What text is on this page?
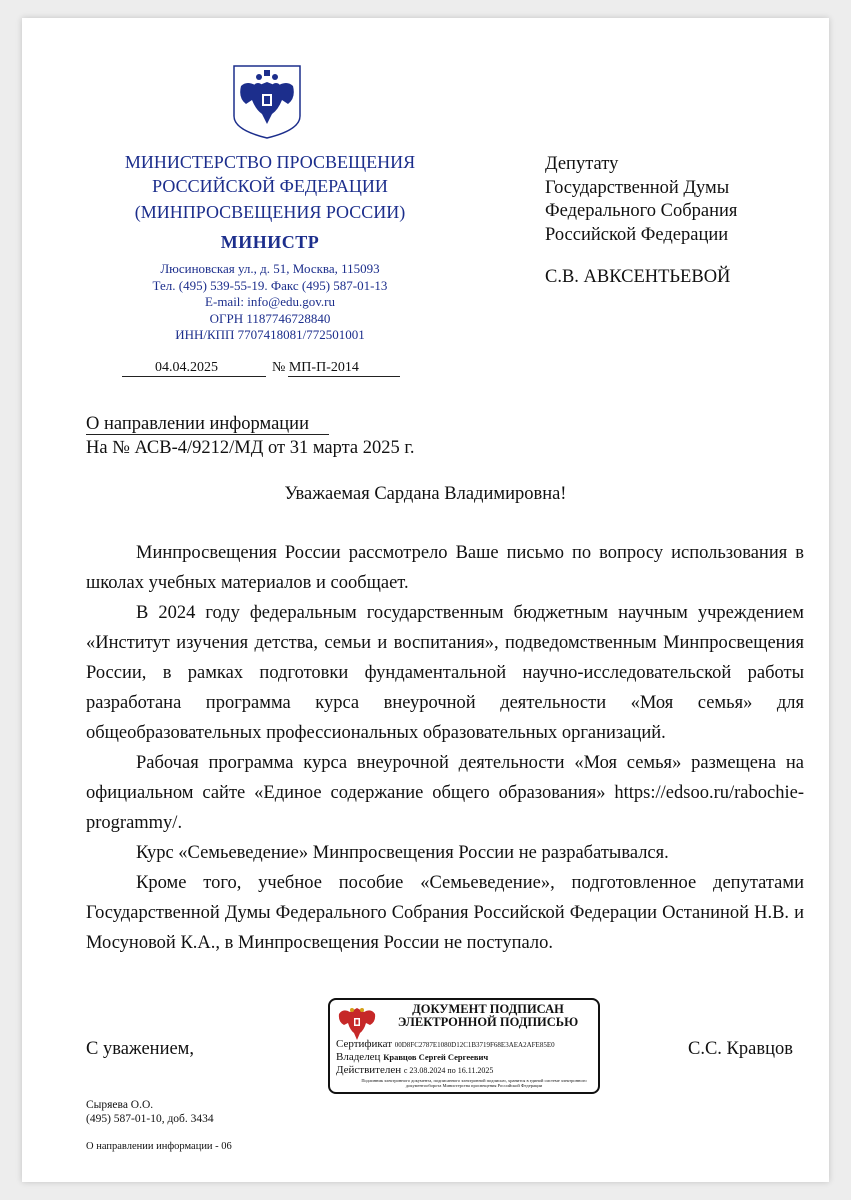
МИНИСТЕРСТВО ПРОСВЕЩЕНИЯ
РОССИЙСКОЙ ФЕДЕРАЦИИ
(МИНПРОСВЕЩЕНИЯ РОССИИ)
МИНИСТР
Люсиновская ул., д. 51, Москва, 115093
Тел. (495) 539-55-19. Факс (495) 587-01-13
E-mail: info@edu.gov.ru
ОГРН 1187746728840
ИНН/КПП 7707418081/772501001
04.04.2025	№ МП-П-2014
Депутату
Государственной Думы
Федерального Собрания
Российской Федерации
С.В. АВКСЕНТЬЕВОЙ
О направлении информации
На № АСВ-4/9212/МД от 31 марта 2025 г.
Уважаемая Сардана Владимировна!

Минпросвещения России рассмотрело Ваше письмо по вопросу использования в школах учебных материалов и сообщает.

В 2024 году федеральным государственным бюджетным научным учреждением «Институт изучения детства, семьи и воспитания», подведомственным Минпросвещения России, в рамках подготовки фундаментальной научно-исследовательской работы разработана программа курса внеурочной деятельности «Моя семья» для общеобразовательных профессиональных образовательных организаций.

Рабочая программа курса внеурочной деятельности «Моя семья» размещена на официальном сайте «Единое содержание общего образования» https://edsoo.ru/rabochie-programmy/.

Курс «Семьеведение» Минпросвещения России не разрабатывался.

Кроме того, учебное пособие «Семьеведение», подготовленное депутатами Государственной Думы Федерального Собрания Российской Федерации Останиной Н.В. и Мосуновой К.А., в Минпросвещения России не поступало.

С уважением,	С.С. Кравцов
ДОКУМЕНТ ПОДПИСАН
ЭЛЕКТРОННОЙ ПОДПИСЬЮ
Сертификат 00D8FC2787E1080D12C1B3719F68E3AEA2AFE85E0
Владелец Кравцов Сергей Сергеевич
Действителен с 23.08.2024 по 16.11.2025
Подлинник электронного документа, подписанного электронной подписью, хранится в единой системе электронного документооборота Министерства просвещения Российской Федерации
Сыряева О.О.
(495) 587-01-10, доб. 3434
О направлении информации - 06
